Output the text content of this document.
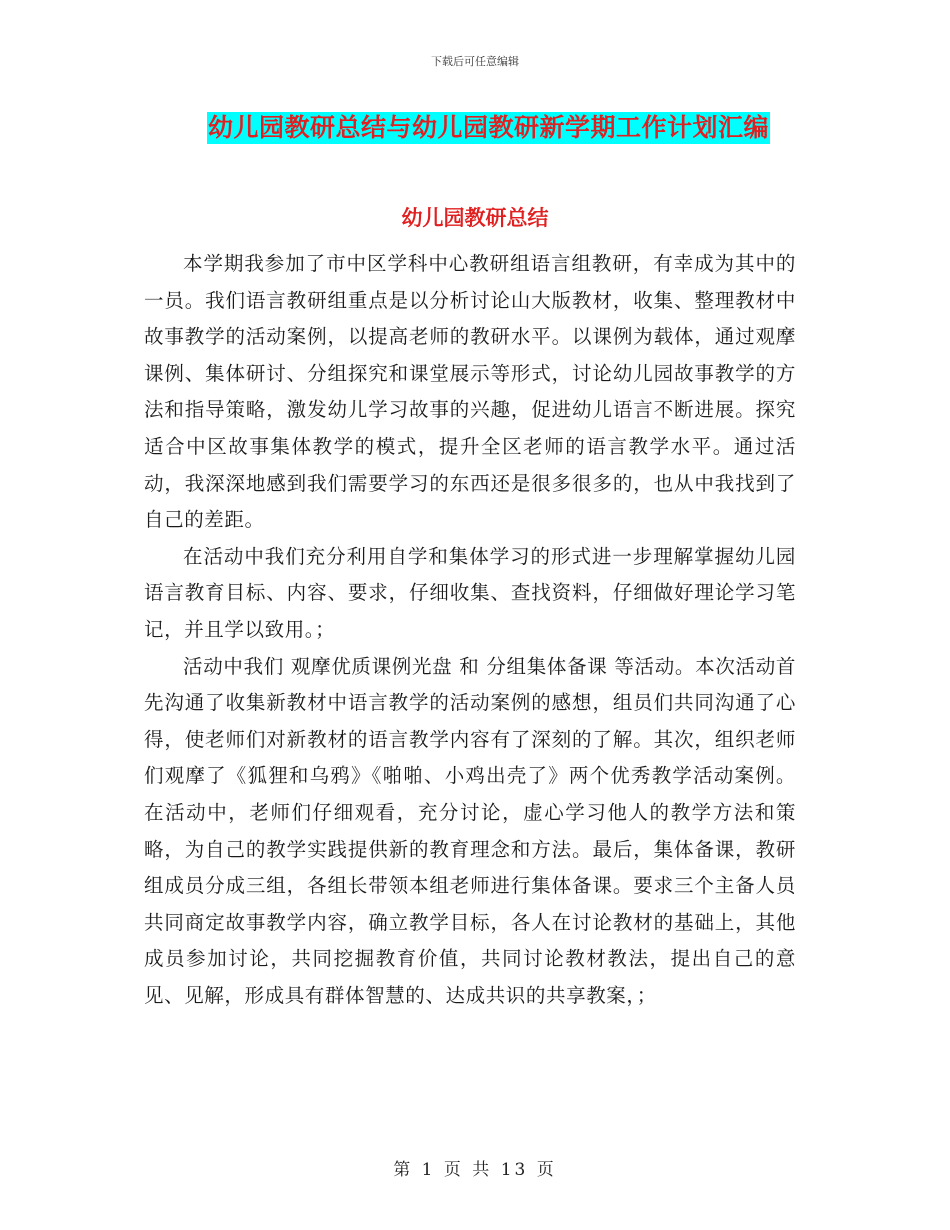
下载后可任意编辑
幼儿园教研总结与幼儿园教研新学期工作计划汇编
幼儿园教研总结

本学期我参加了市中区学科中心教研组语言组教研，有幸成为其中的一员。我们语言教研组重点是以分析讨论山大版教材，收集、整理教材中故事教学的活动案例，以提高老师的教研水平。以课例为载体，通过观摩课例、集体研讨、分组探究和课堂展示等形式，讨论幼儿园故事教学的方法和指导策略，激发幼儿学习故事的兴趣，促进幼儿语言不断进展。探究适合中区故事集体教学的模式，提升全区老师的语言教学水平。通过活动，我深深地感到我们需要学习的东西还是很多很多的，也从中我找到了自己的差距。

在活动中我们充分利用自学和集体学习的形式进一步理解掌握幼儿园语言教育目标、内容、要求，仔细收集、查找资料，仔细做好理论学习笔记，并且学以致用。；

活动中我们 观摩优质课例光盘 和 分组集体备课 等活动。本次活动首先沟通了收集新教材中语言教学的活动案例的感想，组员们共同沟通了心得，使老师们对新教材的语言教学内容有了深刻的了解。其次，组织老师们观摩了《狐狸和乌鸦》《啪啪、小鸡出壳了》两个优秀教学活动案例。在活动中，老师们仔细观看，充分讨论，虚心学习他人的教学方法和策略，为自己的教学实践提供新的教育理念和方法。最后，集体备课，教研组成员分成三组，各组长带领本组老师进行集体备课。要求三个主备人员共同商定故事教学内容，确立教学目标，各人在讨论教材的基础上，其他成员参加讨论，共同挖掘教育价值，共同讨论教材教法，提出自己的意见、见解，形成具有群体智慧的、达成共识的共享教案，；

第 1 页 共 13 页
